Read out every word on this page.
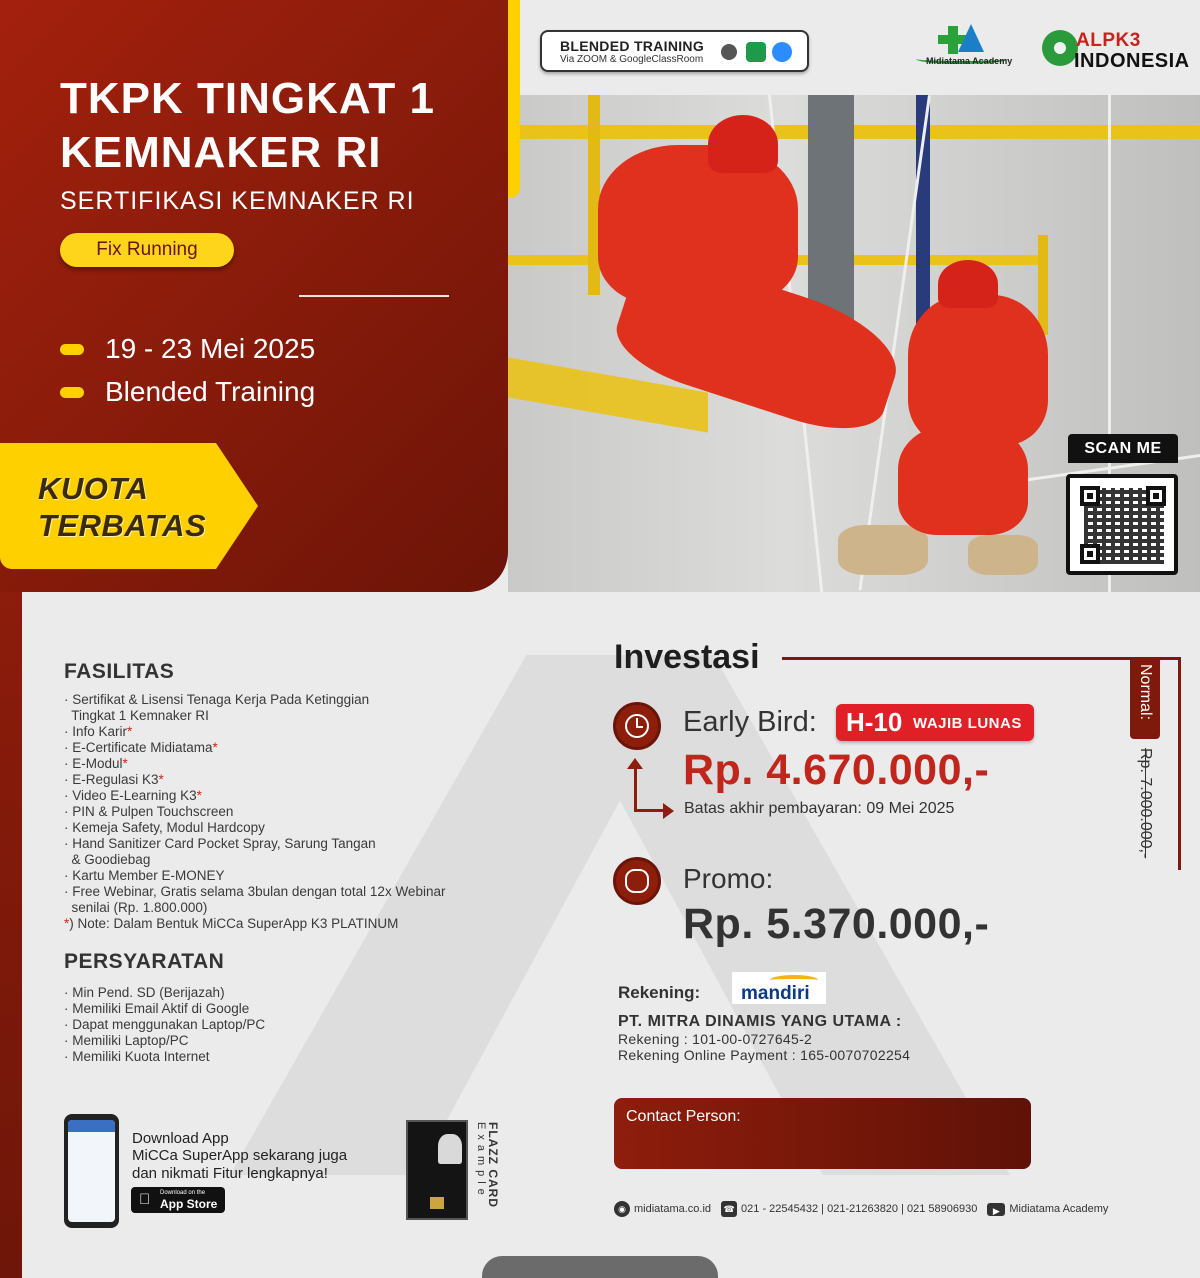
TKPK TINGKAT 1
KEMNAKER RI
SERTIFIKASI KEMNAKER RI
Fix Running
19 - 23 Mei 2025
Blended Training
KUOTA
TERBATAS
BLENDED TRAINING
Via ZOOM & GoogleClassRoom	Midiatama Academy
ALPK3
INDONESIA
SCAN ME
FASILITAS
· Sertifikat & Lisensi Tenaga Kerja Pada Ketinggian
Tingkat 1 Kemnaker RI
· Info Karir*
· E-Certificate Midiatama*
· E-Modul*
· E-Regulasi K3*
· Video E-Learning K3*
· PIN & Pulpen Touchscreen
· Kemeja Safety, Modul Hardcopy
· Hand Sanitizer Card Pocket Spray, Sarung Tangan
& Goodiebag
· Kartu Member E-MONEY
· Free Webinar, Gratis selama 3bulan dengan total 12x Webinar
senilai (Rp. 1.800.000)
*) Note: Dalam Bentuk MiCCa SuperApp K3 PLATINUM
PERSYARATAN
· Min Pend. SD (Berijazah)
· Memiliki Email Aktif di Google
· Dapat menggunakan Laptop/PC
· Memiliki Laptop/PC
· Memiliki Kuota Internet
Download App
MiCCa SuperApp sekarang juga
dan nikmati Fitur lengkapnya!
Download on the
App Store	FLAZZ CARD
Example
Investasi
Normal:
Rp. 7.000.000,-
Early Bird: H-10 WAJIB LUNAS
Rp. 4.670.000,-
Batas akhir pembayaran: 09 Mei 2025
Promo:
Rp. 5.370.000,-
Rekening: mandiri
PT. MITRA DINAMIS YANG UTAMA :
Rekening : 101-00-0727645-2
Rekening Online Payment : 165-0070702254
Contact Person:
◉ midiatama.co.id ☎ 021 - 22545432 | 021-21263820 | 021 58906930	▶ Midiatama Academy
